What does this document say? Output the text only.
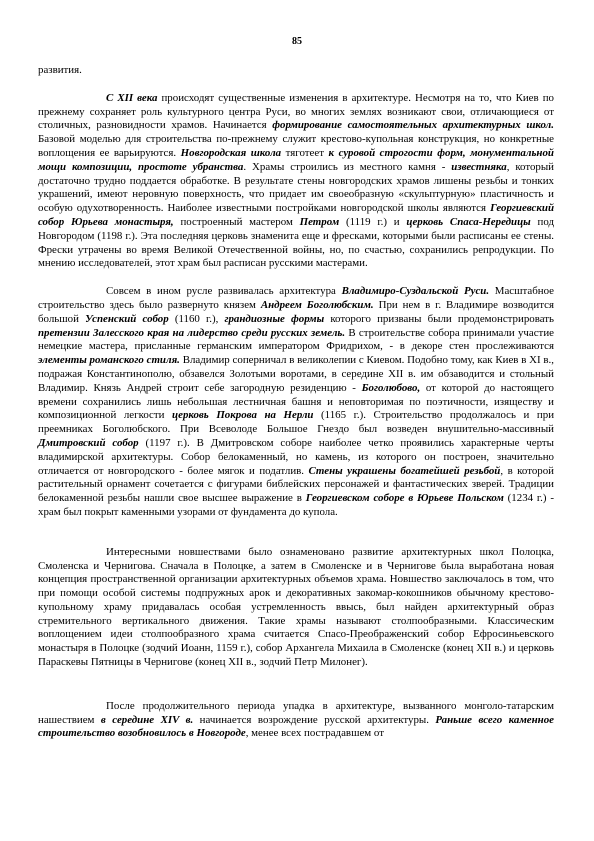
85

развития.

С XII века происходят существенные изменения в архитектуре. Несмотря на то, что Киев по прежнему сохраняет роль культурного центра Руси, во многих землях возникают свои, отличающиеся от столичных, разновидности храмов. Начинается формирование самостоятельных архитектурных школ. Базовой моделью для строительства по-прежнему служит крестово-купольная конструкция, но конкретные воплощения ее варьируются. Новгородская школа тяготеет к суровой строгости форм, монументальной мощи композиции, простоте убранства. Храмы строились из местного камня - известняка, который достаточно трудно поддается обработке. В результате стены новгородских храмов лишены резьбы и тонких украшений, имеют неровную поверхность, что придает им своеобразную «скульптурную» пластичность и особую одухотворенность. Наиболее известными постройками новгородской школы являются Георгиевский собор Юрьева монастыря, построенный мастером Петром (1119 г.) и церковь Спаса-Нередицы под Новгородом (1198 г.). Эта последняя церковь знаменита еще и фресками, которыми были расписаны ее стены. Фрески утрачены во время Великой Отечественной войны, но, по счастью, сохранились репродукции. По мнению исследователей, этот храм был расписан русскими мастерами.

Совсем в ином русле развивалась архитектура Владимиро-Суздальской Руси. Масштабное строительство здесь было развернуто князем Андреем Боголюбским. При нем в г. Владимире возводится большой Успенский собор (1160 г.), грандиозные формы которого призваны были продемонстрировать претензии Залесского края на лидерство среди русских земель. В строительстве собора принимали участие немецкие мастера, присланные германским императором Фридрихом, - в декоре стен прослеживаются элементы романского стиля. Владимир соперничал в великолепии с Киевом. Подобно тому, как Киев в XI в., подражая Константинополю, обзавелся Золотыми воротами, в середине XII в. им обзаводится и стольный Владимир. Князь Андрей строит себе загородную резиденцию - Боголюбово, от которой до настоящего времени сохранились лишь небольшая лестничная башня и неповторимая по поэтичности, изяществу и композиционной легкости церковь Покрова на Нерли (1165 г.). Строительство продолжалось и при преемниках Боголюбского. При Всеволоде Большое Гнездо был возведен внушительно-массивный Дмитровский собор (1197 г.). В Дмитровском соборе наиболее четко проявились характерные черты владимирской архитектуры. Собор белокаменный, но камень, из которого он построен, значительно отличается от новгородского - более мягок и податлив. Стены украшены богатейшей резьбой, в которой растительный орнамент сочетается с фигурами библейских персонажей и фантастических зверей. Традиции белокаменной резьбы нашли свое высшее выражение в Георгиевском соборе в Юрьеве Польском (1234 г.) - храм был покрыт каменными узорами от фундамента до купола.

Интересными новшествами было ознаменовано развитие архитектурных школ Полоцка, Смоленска и Чернигова. Сначала в Полоцке, а затем в Смоленске и в Чернигове была выработана новая концепция пространственной организации архитектурных объемов храма. Новшество заключалось в том, что при помощи особой системы подпружных арок и декоративных закомар-кокошников обычному крестово-купольному храму придавалась особая устремленность ввысь, был найден архитектурный образ стремительного вертикального движения. Такие храмы называют столпообразными. Классическим воплощением идеи столпообразного храма считается Спасо-Преображенский собор Ефросиньевского монастыря в Полоцке (зодчий Иоанн, 1159 г.), собор Архангела Михаила в Смоленске (конец XII в.) и церковь Параскевы Пятницы в Чернигове (конец XII в., зодчий Петр Милонег).

После продолжительного периода упадка в архитектуре, вызванного монголо-татарским нашествием в середине XIV в. начинается возрождение русской архитектуры. Раньше всего каменное строительство возобновилось в Новгороде, менее всех пострадавшем от
